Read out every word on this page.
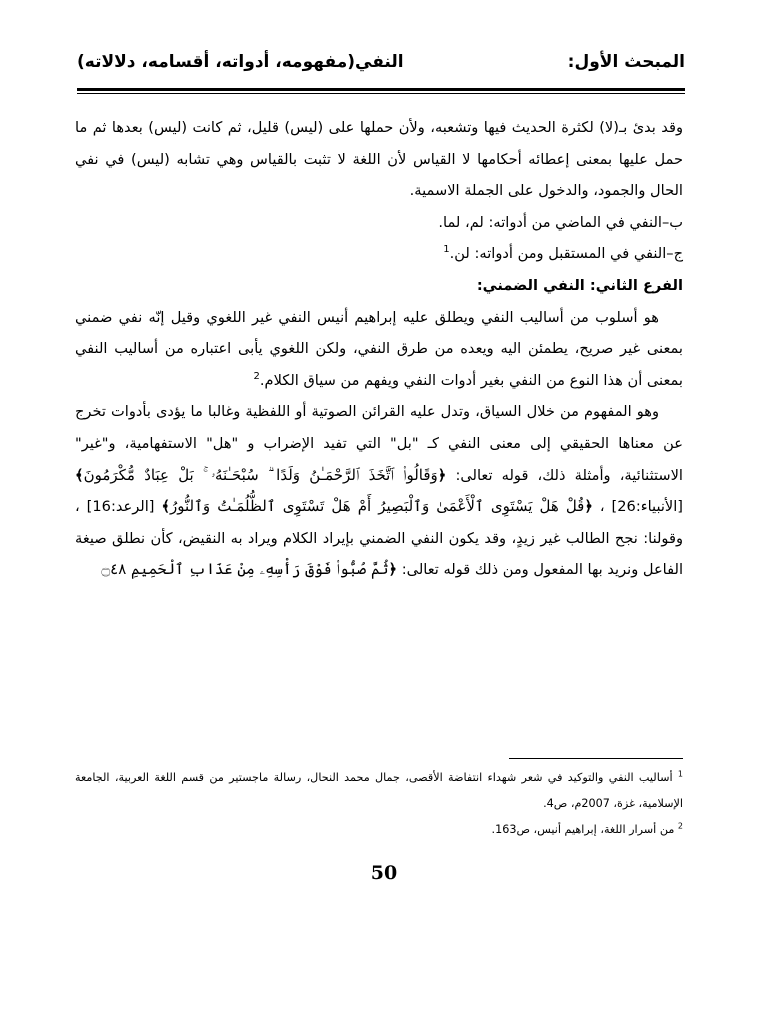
المبحث الأول:
النفي(مفهومه، أدواته، أقسامه، دلالاته)

وقد بدئ بـ(لا) لكثرة الحديث فيها وتشعبه، ولأن حملها على (ليس) قليل، ثم كانت (ليس) بعدها ثم ما حمل عليها بمعنى إعطائه أحكامها لا القياس لأن اللغة لا تثبت بالقياس وهي تشابه (ليس) في نفي الحال والجمود، والدخول على الجملة الاسمية.

ب–النفي في الماضي من أدواته: لم، لما.

ج–النفي في المستقبل ومن أدواته: لن.$^1$

الفرع الثاني: النفي الضمني:

هو أسلوب من أساليب النفي ويطلق عليه إبراهيم أنيس النفي غير اللغوي وقيل إنّه نفي ضمني بمعنى غير صريح، يطمئن اليه ويعده من طرق النفي، ولكن اللغوي يأبى اعتباره من أساليب النفي بمعنى أن هذا النوع من النفي بغير أدوات النفي ويفهم من سياق الكلام.$^2$

وهو المفهوم من خلال السياق، وتدل عليه القرائن الصوتية أو اللفظية وغالبا ما يؤدى بأدوات تخرج عن معناها الحقيقي إلى معنى النفي كـ "بل" التي تفيد الإضراب و "هل" الاستفهامية، و"غير" الاستثنائية، وأمثلة ذلك، قوله تعالى: ﴿وَقَالُوا۟ ٱتَّخَذَ ٱلرَّحْمَـٰنُ وَلَدًا ۗ سُبْحَـٰنَهُۥ ۚ بَلْ عِبَادٌ مُّكْرَمُونَ﴾ [الأنبياء:26] ، ﴿قُلْ هَلْ يَسْتَوِى ٱلْأَعْمَىٰ وَٱلْبَصِيرُ أَمْ هَلْ تَسْتَوِى ٱلظُّلُمَـٰتُ وَٱلنُّورُ﴾ [الرعد:16] ، وقولنا: نجح الطالب غير زيدٍ، وقد يكون النفي الضمني بإيراد الكلام ويراد به النقيض، كأن نطلق صيغة الفاعل ونريد بها المفعول ومن ذلك قوله تعالى: ﴿ثُمَّ صُبُّوا۟ فَوْقَ رَأْسِهِۦ مِنْ عَذَابِ ٱلْحَمِيمِ ۝٤٨

$^1$ أساليب النفي والتوكيد في شعر شهداء انتفاضة الأقصى، جمال محمد النحال، رسالة ماجستير من قسم اللغة العربية، الجامعة الإسلامية، غزة، 2007م، ص4.

$^2$ من أسرار اللغة، إبراهيم أنيس، ص163.

50
